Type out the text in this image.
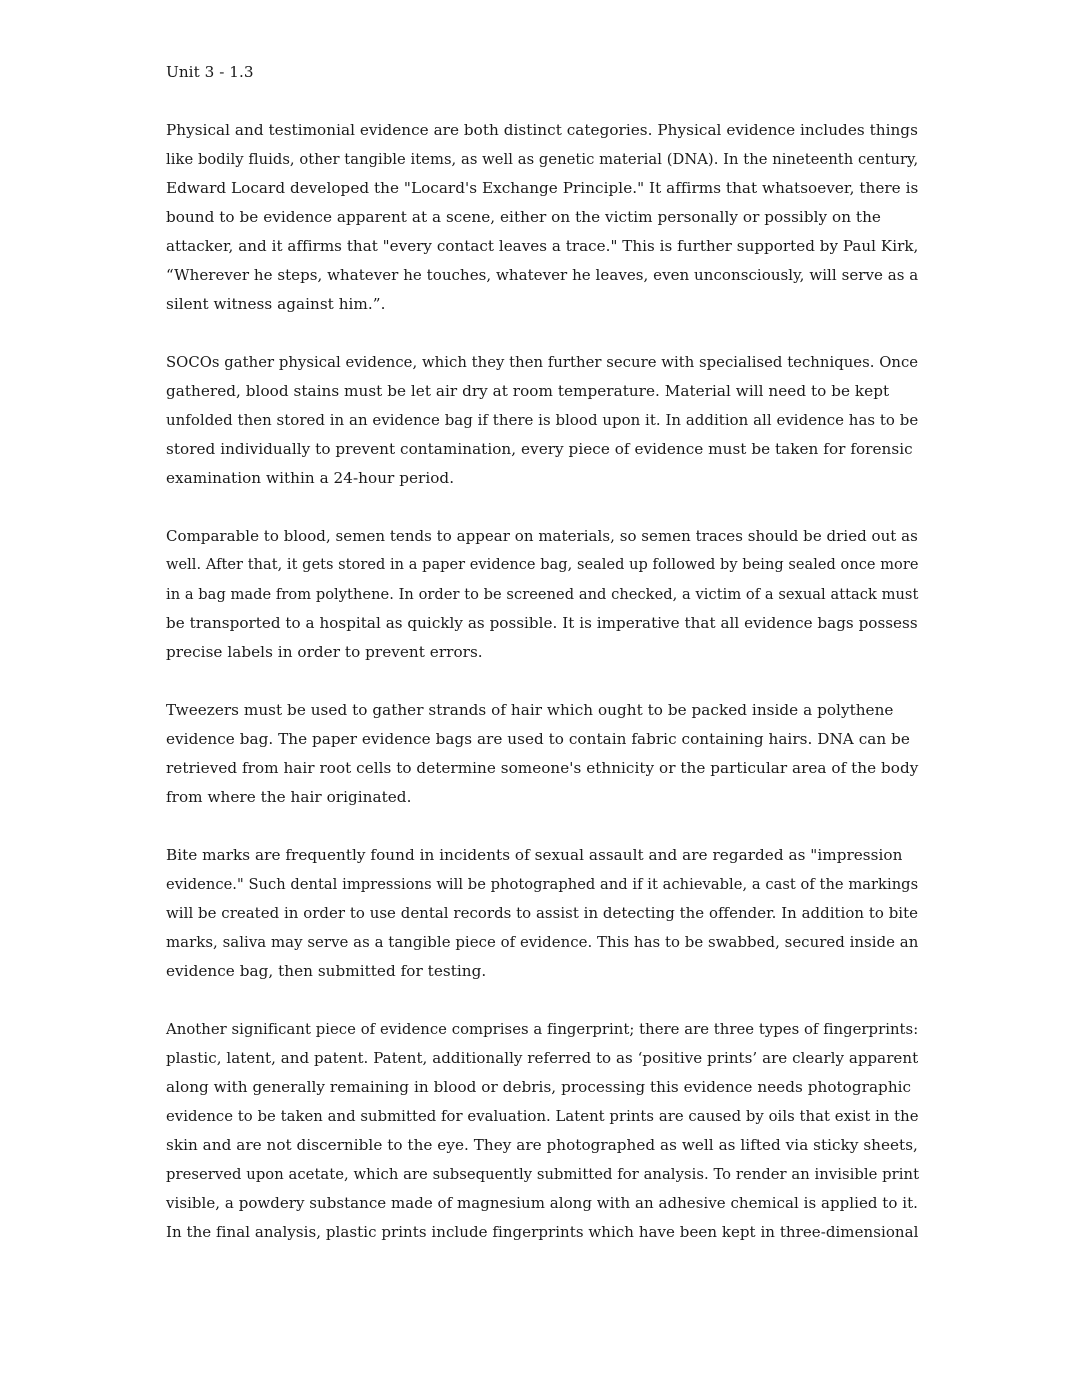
Unit 3 - 1.3

Physical and testimonial evidence are both distinct categories. Physical evidence includes things

like bodily fluids, other tangible items, as well as genetic material (DNA). In the nineteenth century,

Edward Locard developed the "Locard's Exchange Principle." It affirms that whatsoever, there is

bound to be evidence apparent at a scene, either on the victim personally or possibly on the

attacker, and it affirms that "every contact leaves a trace." This is further supported by Paul Kirk,

“Wherever he steps, whatever he touches, whatever he leaves, even unconsciously, will serve as a

silent witness against him.”.

SOCOs gather physical evidence, which they then further secure with specialised techniques. Once

gathered, blood stains must be let air dry at room temperature. Material will need to be kept

unfolded then stored in an evidence bag if there is blood upon it. In addition all evidence has to be

stored individually to prevent contamination, every piece of evidence must be taken for forensic

examination within a 24-hour period.

Comparable to blood, semen tends to appear on materials, so semen traces should be dried out as

well. After that, it gets stored in a paper evidence bag, sealed up followed by being sealed once more

in a bag made from polythene. In order to be screened and checked, a victim of a sexual attack must

be transported to a hospital as quickly as possible. It is imperative that all evidence bags possess

precise labels in order to prevent errors.

Tweezers must be used to gather strands of hair which ought to be packed inside a polythene

evidence bag. The paper evidence bags are used to contain fabric containing hairs. DNA can be

retrieved from hair root cells to determine someone's ethnicity or the particular area of the body

from where the hair originated.

Bite marks are frequently found in incidents of sexual assault and are regarded as "impression

evidence." Such dental impressions will be photographed and if it achievable, a cast of the markings

will be created in order to use dental records to assist in detecting the offender. In addition to bite

marks, saliva may serve as a tangible piece of evidence. This has to be swabbed, secured inside an

evidence bag, then submitted for testing.

Another significant piece of evidence comprises a fingerprint; there are three types of fingerprints:

plastic, latent, and patent. Patent, additionally referred to as ‘positive prints’ are clearly apparent

along with generally remaining in blood or debris, processing this evidence needs photographic

evidence to be taken and submitted for evaluation. Latent prints are caused by oils that exist in the

skin and are not discernible to the eye. They are photographed as well as lifted via sticky sheets,

preserved upon acetate, which are subsequently submitted for analysis. To render an invisible print

visible, a powdery substance made of magnesium along with an adhesive chemical is applied to it.

In the final analysis, plastic prints include fingerprints which have been kept in three-dimensional
